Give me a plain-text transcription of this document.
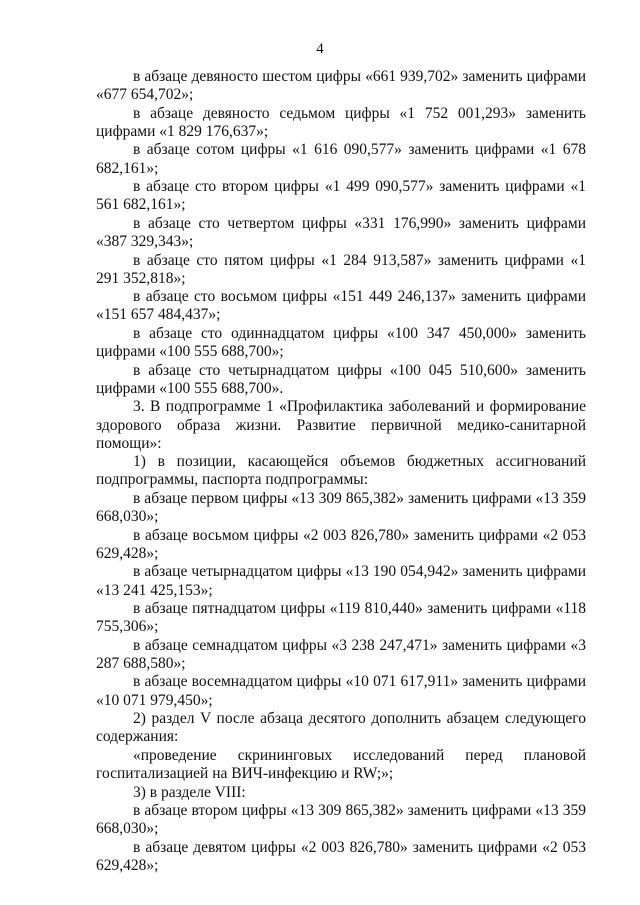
4

в абзаце девяносто шестом цифры «661 939,702» заменить цифрами «677 654,702»;

в абзаце девяносто седьмом цифры «1 752 001,293» заменить цифрами «1 829 176,637»;

в абзаце сотом цифры «1 616 090,577» заменить цифрами «1 678 682,161»;

в абзаце сто втором цифры «1 499 090,577» заменить цифрами «1 561 682,161»;

в абзаце сто четвертом цифры «331 176,990» заменить цифрами «387 329,343»;

в абзаце сто пятом цифры «1 284 913,587» заменить цифрами «1 291 352,818»;

в абзаце сто восьмом цифры «151 449 246,137» заменить цифрами «151 657 484,437»;

в абзаце сто одиннадцатом цифры «100 347 450,000» заменить цифрами «100 555 688,700»;

в абзаце сто четырнадцатом цифры «100 045 510,600» заменить цифрами «100 555 688,700».

3. В подпрограмме 1 «Профилактика заболеваний и формирование здорового образа жизни. Развитие первичной медико-санитарной помощи»:

1) в позиции, касающейся объемов бюджетных ассигнований подпрограммы, паспорта подпрограммы:

в абзаце первом цифры «13 309 865,382» заменить цифрами «13 359 668,030»;

в абзаце восьмом цифры «2 003 826,780» заменить цифрами «2 053 629,428»;

в абзаце четырнадцатом цифры «13 190 054,942» заменить цифрами «13 241 425,153»;

в абзаце пятнадцатом цифры «119 810,440» заменить цифрами «118 755,306»;

в абзаце семнадцатом цифры «3 238 247,471» заменить цифрами «3 287 688,580»;

в абзаце восемнадцатом цифры «10 071 617,911» заменить цифрами «10 071 979,450»;

2) раздел V после абзаца десятого дополнить абзацем следующего содержания:

«проведение скрининговых исследований перед плановой госпитализацией на ВИЧ-инфекцию и RW;»;

3) в разделе VIII:

в абзаце втором цифры «13 309 865,382» заменить цифрами «13 359 668,030»;

в абзаце девятом цифры «2 003 826,780» заменить цифрами «2 053 629,428»;
